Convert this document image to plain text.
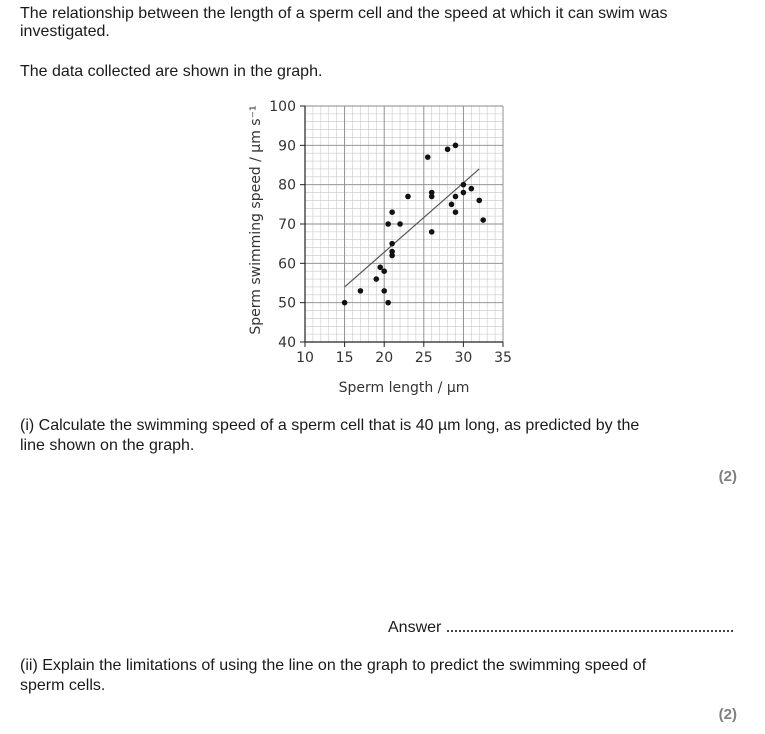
The relationship between the length of a sperm cell and the speed at which it can swim was

investigated.

The data collected are shown in the graph.

40
50
60
70
80
90
100
10 15 20 25 30 35
Sperm length / µm
Sperm swimming speed / µm s⁻¹

(i) Calculate the swimming speed of a sperm cell that is 40 µm long, as predicted by the

line shown on the graph.

(2)
Answer

(ii) Explain the limitations of using the line on the graph to predict the swimming speed of

sperm cells.

(2)
